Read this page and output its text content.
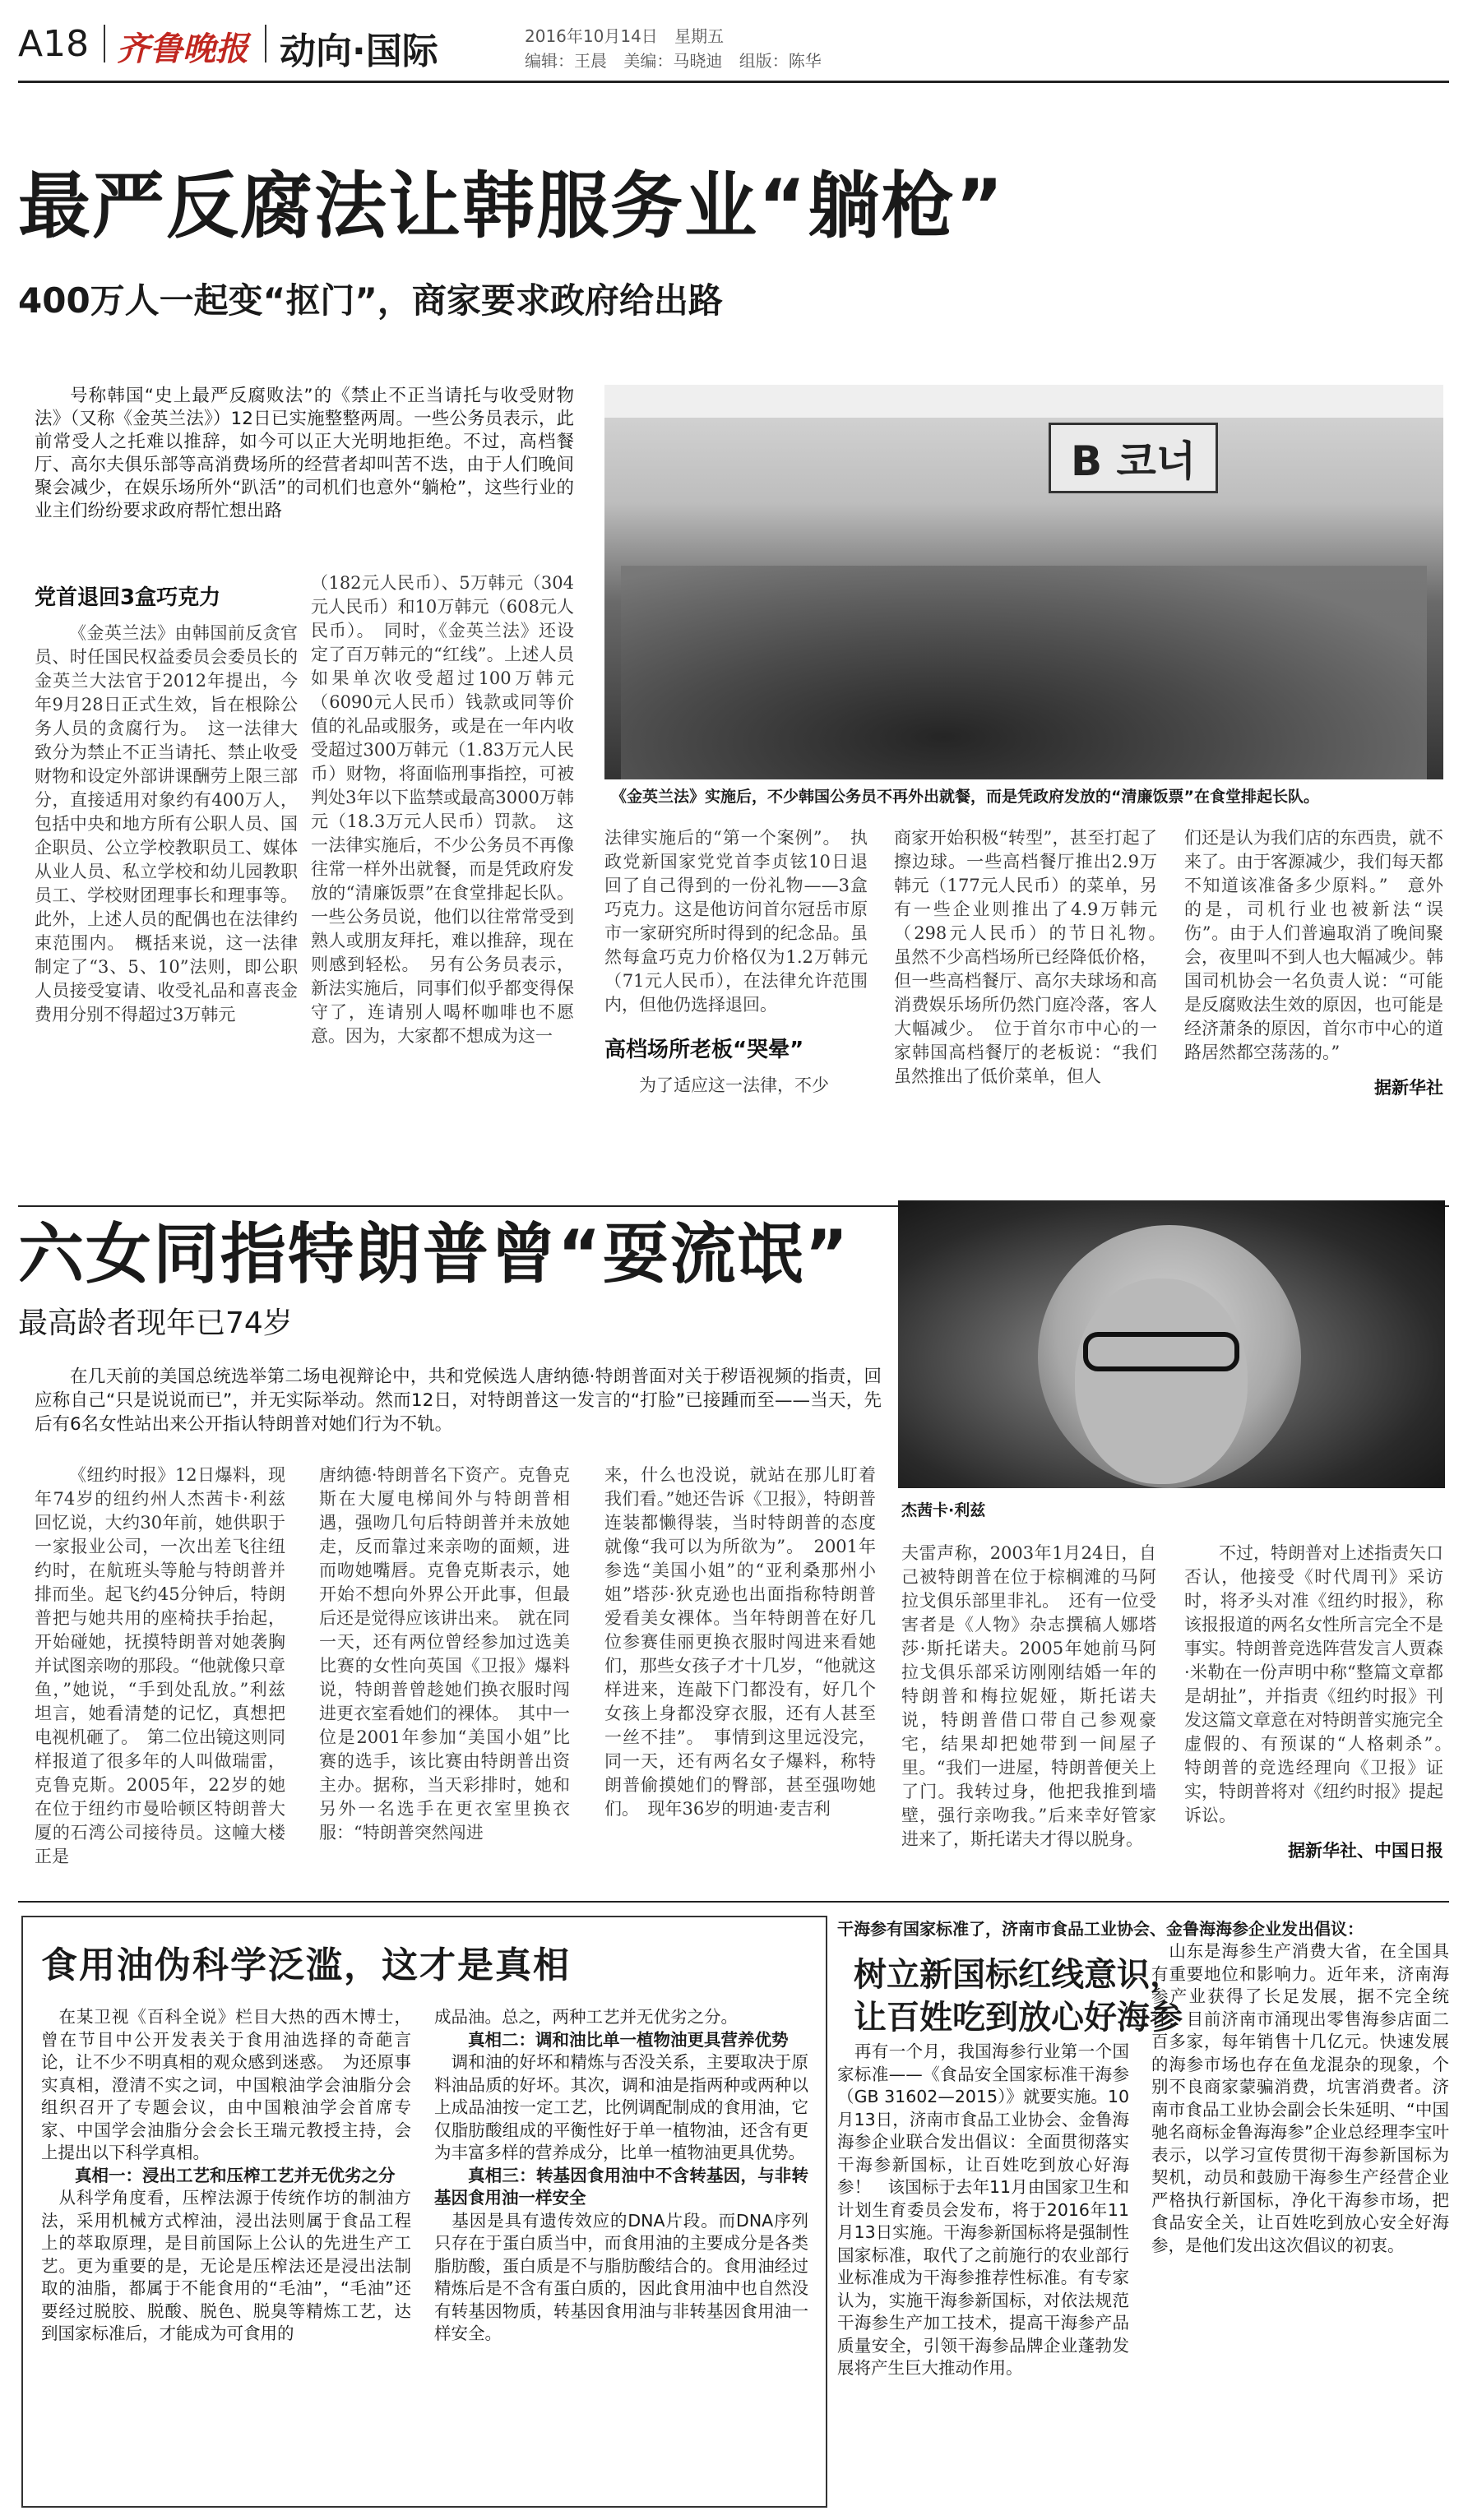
A18 齐鲁晚报 动向·国际	2016年10月14日 星期五
编辑：王晨 美编：马晓迪 组版：陈华
最严反腐法让韩服务业“躺枪”
400万人一起变“抠门”，商家要求政府给出路

号称韩国“史上最严反腐败法”的《禁止不正当请托与收受财物法》（又称《金英兰法》）12日已实施整整两周。一些公务员表示，此前常受人之托难以推辞，如今可以正大光明地拒绝。不过，高档餐厅、高尔夫俱乐部等高消费场所的经营者却叫苦不迭，由于人们晚间聚会减少，在娱乐场所外“趴活”的司机们也意外“躺枪”，这些行业的业主们纷纷要求政府帮忙想出路

B 코너
《金英兰法》实施后，不少韩国公务员不再外出就餐，而是凭政府发放的“清廉饭票”在食堂排起长队。
党首退回3盒巧克力

《金英兰法》由韩国前反贪官员、时任国民权益委员会委员长的金英兰大法官于2012年提出，今年9月28日正式生效，旨在根除公务人员的贪腐行为。　这一法律大致分为禁止不正当请托、禁止收受财物和设定外部讲课酬劳上限三部分，直接适用对象约有400万人，包括中央和地方所有公职人员、国企职员、公立学校教职员工、媒体从业人员、私立学校和幼儿园教职员工、学校财团理事长和理事等。此外，上述人员的配偶也在法律约束范围内。　概括来说，这一法律制定了“3、5、10”法则，即公职人员接受宴请、收受礼品和喜丧金费用分别不得超过3万韩元

（182元人民币）、5万韩元（304元人民币）和10万韩元（608元人民币）。　同时，《金英兰法》还设定了百万韩元的“红线”。上述人员如果单次收受超过100万韩元（6090元人民币）钱款或同等价值的礼品或服务，或是在一年内收受超过300万韩元（1.83万元人民币）财物，将面临刑事指控，可被判处3年以下监禁或最高3000万韩元（18.3万元人民币）罚款。　这一法律实施后，不少公务员不再像往常一样外出就餐，而是凭政府发放的“清廉饭票”在食堂排起长队。一些公务员说，他们以往常常受到熟人或朋友拜托，难以推辞，现在则感到轻松。　另有公务员表示，新法实施后，同事们似乎都变得保守了，连请别人喝杯咖啡也不愿意。因为，大家都不想成为这一

法律实施后的“第一个案例”。　执政党新国家党党首李贞铉10日退回了自己得到的一份礼物——3盒巧克力。这是他访问首尔冠岳市原市一家研究所时得到的纪念品。虽然每盒巧克力价格仅为1.2万韩元（71元人民币），在法律允许范围内，但他仍选择退回。

高档场所老板“哭晕”

为了适应这一法律，不少

商家开始积极“转型”，甚至打起了擦边球。一些高档餐厅推出2.9万韩元（177元人民币）的菜单，另有一些企业则推出了4.9万韩元（298元人民币）的节日礼物。　虽然不少高档场所已经降低价格，但一些高档餐厅、高尔夫球场和高消费娱乐场所仍然门庭冷落，客人大幅减少。　位于首尔市中心的一家韩国高档餐厅的老板说：“我们虽然推出了低价菜单，但人

们还是认为我们店的东西贵，就不来了。由于客源减少，我们每天都不知道该准备多少原料。”　意外的是，司机行业也被新法“误伤”。由于人们普遍取消了晚间聚会，夜里叫不到人也大幅减少。韩国司机协会一名负责人说：“可能是反腐败法生效的原因，也可能是经济萧条的原因，首尔市中心的道路居然都空荡荡的。”

据新华社

六女同指特朗普曾“耍流氓”
最高龄者现年已74岁
杰茜卡·利兹

在几天前的美国总统选举第二场电视辩论中，共和党候选人唐纳德·特朗普面对关于秽语视频的指责，回应称自己“只是说说而已”，并无实际举动。然而12日，对特朗普这一发言的“打脸”已接踵而至——当天，先后有6名女性站出来公开指认特朗普对她们行为不轨。

《纽约时报》12日爆料，现年74岁的纽约州人杰茜卡·利兹回忆说，大约30年前，她供职于一家报业公司，一次出差飞往纽约时，在航班头等舱与特朗普并排而坐。起飞约45分钟后，特朗普把与她共用的座椅扶手抬起，开始碰她，抚摸特朗普对她袭胸并试图亲吻的那段。“他就像只章鱼，”她说，“手到处乱放。”利兹坦言，她看清楚的记忆，真想把电视机砸了。　第二位出镜这则同样报道了很多年的人叫做瑞雷，克鲁克斯。2005年，22岁的她在位于纽约市曼哈顿区特朗普大厦的石湾公司接待员。这幢大楼正是

唐纳德·特朗普名下资产。克鲁克斯在大厦电梯间外与特朗普相遇，强吻几句后特朗普并未放她走，反而靠过来亲吻的面颊，进而吻她嘴唇。克鲁克斯表示，她开始不想向外界公开此事，但最后还是觉得应该讲出来。　就在同一天，还有两位曾经参加过选美比赛的女性向英国《卫报》爆料说，特朗普曾趁她们换衣服时闯进更衣室看她们的裸体。　其中一位是2001年参加“美国小姐”比赛的选手，该比赛由特朗普出资主办。据称，当天彩排时，她和另外一名选手在更衣室里换衣服：“特朗普突然闯进

来，什么也没说，就站在那儿盯着我们看。”她还告诉《卫报》，特朗普连装都懒得装，当时特朗普的态度就像“我可以为所欲为”。　2001年参选“美国小姐”的“亚利桑那州小姐”塔莎·狄克逊也出面指称特朗普爱看美女裸体。当年特朗普在好几位参赛佳丽更换衣服时闯进来看她们，那些女孩子才十几岁，“他就这样进来，连敲下门都没有，好几个女孩上身都没穿衣服，还有人甚至一丝不挂”。　事情到这里远没完，同一天，还有两名女子爆料，称特朗普偷摸她们的臀部，甚至强吻她们。　现年36岁的明迪·麦吉利

夫雷声称，2003年1月24日，自己被特朗普在位于棕榈滩的马阿拉戈俱乐部里非礼。　还有一位受害者是《人物》杂志撰稿人娜塔莎·斯托诺夫。2005年她前马阿拉戈俱乐部采访刚刚结婚一年的特朗普和梅拉妮娅，斯托诺夫说，特朗普借口带自己参观豪宅，结果却把她带到一间屋子里。“我们一进屋，特朗普便关上了门。我转过身，他把我推到墙壁，强行亲吻我。”后来幸好管家进来了，斯托诺夫才得以脱身。

不过，特朗普对上述指责矢口否认，他接受《时代周刊》采访时，将矛头对准《纽约时报》，称该报报道的两名女性所言完全不是事实。特朗普竞选阵营发言人贾森·米勒在一份声明中称“整篇文章都是胡扯”，并指责《纽约时报》刊发这篇文章意在对特朗普实施完全虚假的、有预谋的“人格刺杀”。　特朗普的竞选经理向《卫报》证实，特朗普将对《纽约时报》提起诉讼。

据新华社、中国日报

食用油伪科学泛滥，这才是真相

　在某卫视《百科全说》栏目大热的西木博士，曾在节目中公开发表关于食用油选择的奇葩言论，让不少不明真相的观众感到迷惑。　为还原事实真相，澄清不实之词，中国粮油学会油脂分会组织召开了专题会议，由中国粮油学会首席专家、中国学会油脂分会会长王瑞元教授主持，会上提出以下科学真相。

真相一：浸出工艺和压榨工艺并无优劣之分

　从科学角度看，压榨法源于传统作坊的制油方法，采用机械方式榨油，浸出法则属于食品工程上的萃取原理，是目前国际上公认的先进生产工艺。更为重要的是，无论是压榨法还是浸出法制取的油脂，都属于不能食用的“毛油”，“毛油”还要经过脱胶、脱酸、脱色、脱臭等精炼工艺，达到国家标准后，才能成为可食用的

成品油。总之，两种工艺并无优劣之分。

真相二：调和油比单一植物油更具营养优势

　调和油的好坏和精炼与否没关系，主要取决于原料油品质的好坏。其次，调和油是指两种或两种以上成品油按一定工艺，比例调配制成的食用油，它仅脂肪酸组成的平衡性好于单一植物油，还含有更为丰富多样的营养成分，比单一植物油更具优势。

真相三：转基因食用油中不含转基因，与非转基因食用油一样安全

　基因是具有遗传效应的DNA片段。而DNA序列只存在于蛋白质当中，而食用油的主要成分是各类脂肪酸，蛋白质是不与脂肪酸结合的。食用油经过精炼后是不含有蛋白质的，因此食用油中也自然没有转基因物质，转基因食用油与非转基因食用油一样安全。

干海参有国家标准了，济南市食品工业协会、金鲁海海参企业发出倡议：
树立新国标红线意识，
让百姓吃到放心好海参

　再有一个月，我国海参行业第一个国家标准——《食品安全国家标准干海参（GB 31602—2015）》就要实施。10月13日，济南市食品工业协会、金鲁海海参企业联合发出倡议：全面贯彻落实干海参新国标，让百姓吃到放心好海参！　该国标于去年11月由国家卫生和计划生育委员会发布，将于2016年11月13日实施。干海参新国标将是强制性国家标准，取代了之前施行的农业部行业标准成为干海参推荐性标准。有专家认为，实施干海参新国标，对依法规范干海参生产加工技术，提高干海参产品质量安全，引领干海参品牌企业蓬勃发展将产生巨大推动作用。

　山东是海参生产消费大省，在全国具有重要地位和影响力。近年来，济南海参产业获得了长足发展，据不完全统计，目前济南市涌现出零售海参店面二百多家，每年销售十几亿元。快速发展的海参市场也存在鱼龙混杂的现象，个别不良商家蒙骗消费，坑害消费者。济南市食品工业协会副会长朱延明、“中国驰名商标金鲁海海参”企业总经理李宝叶表示，以学习宣传贯彻干海参新国标为契机，动员和鼓励干海参生产经营企业严格执行新国标，净化干海参市场，把食品安全关，让百姓吃到放心安全好海参，是他们发出这次倡议的初衷。
